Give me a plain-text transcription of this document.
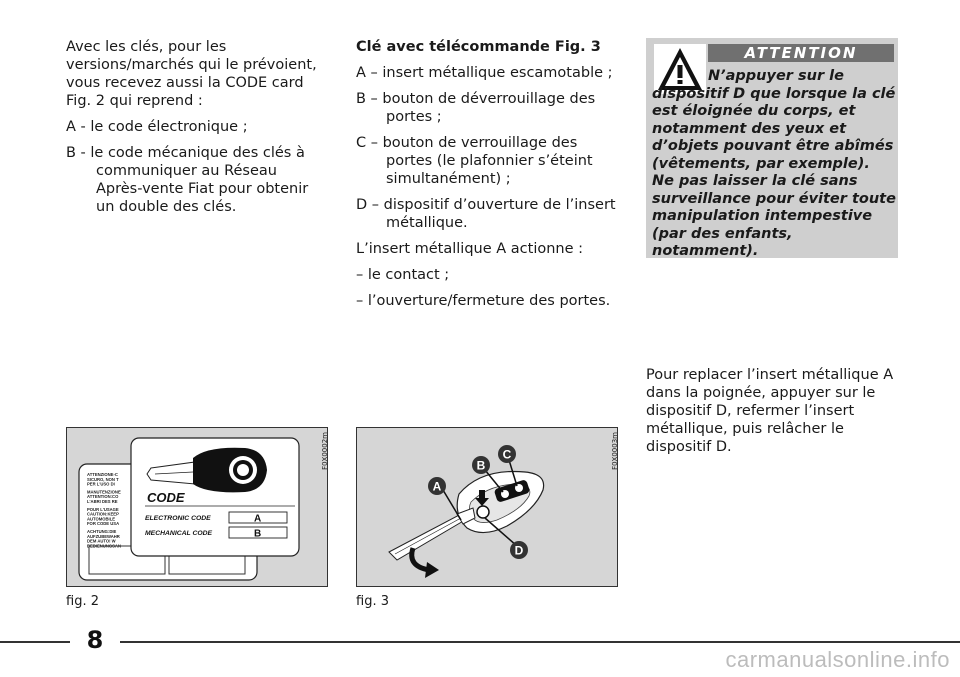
Avec les clés, pour les versions/marchés qui le prévoient, vous recevez aussi la CODE card Fig. 2 qui reprend :

A - le code électronique ;

B - le code mécanique des clés à communiquer au Réseau Après-vente Fiat pour obtenir un double des clés.

Clé avec télécommande Fig. 3

A – insert métallique escamotable ;

B – bouton de déverrouillage des portes ;

C – bouton de verrouillage des portes (le plafonnier s’éteint simultanément) ;

D – dispositif d’ouverture de l’insert métallique.

L’insert métallique A actionne :

– le contact ;

– l’ouverture/fermeture des portes.

ATTENTION
N’appuyer sur le dispositif D que lorsque la clé est éloignée du corps, et notamment des yeux et d’objets pouvant être abîmés (vêtements, par exemple). Ne pas laisser la clé sans surveillance pour éviter toute manipulation intempestive (par des enfants, notamment).
Pour replacer l’insert métallique A dans la poignée, appuyer sur le dispositif D, refermer l’insert métallique, puis relâcher le dispositif D.
ATTENZIONE-C
SICURO, NON T
PER L'USO DI
MANUTENZIONE
ATTENTION:CO
L'ABRI DES RE
POUR L'USAGE
CAUTION:KEEP
AUTOMOBILE
FOR CODE USA
ACHTUNG:DIE
AUFZUBEWAHR
DEM AUTO! W
BEDIENUNGSAN
CODE
ELECTRONIC CODE	A
MECHANICAL CODE	B
F0X0002m
fig. 2
A
B
C
D
F0X0003m
fig. 3
8
carmanualsonline.info
